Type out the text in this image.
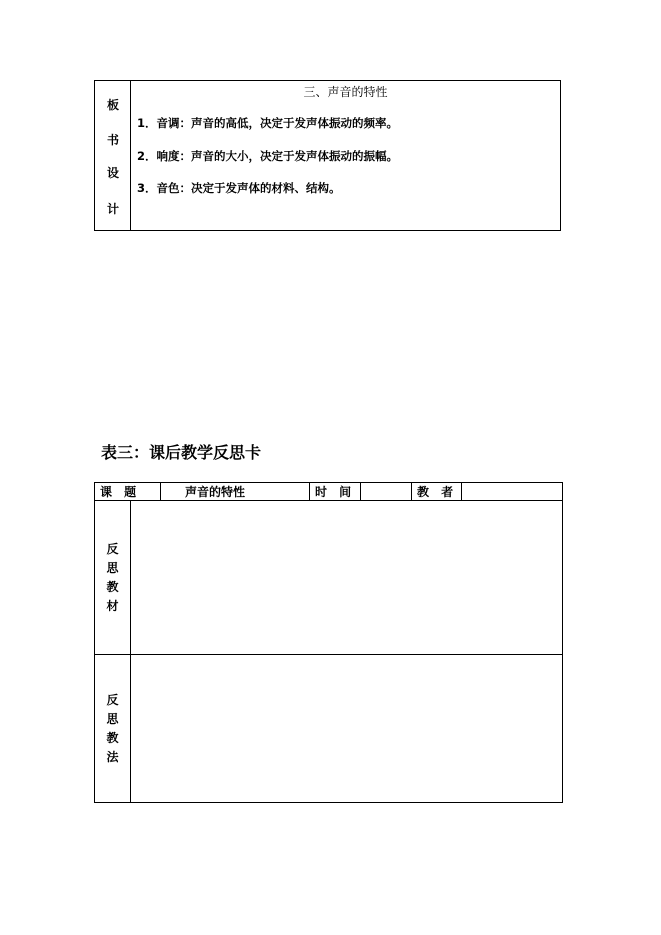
板
书
设
计
三、声音的特性
1．音调：声音的高低，决定于发声体振动的频率。
2．响度：声音的大小，决定于发声体振动的振幅。
3．音色：决定于发声体的材料、结构。
表三：课后教学反思卡
课 题		声音的特性	时 间		教 者	

反
思
教
材						

反
思
教
法						
